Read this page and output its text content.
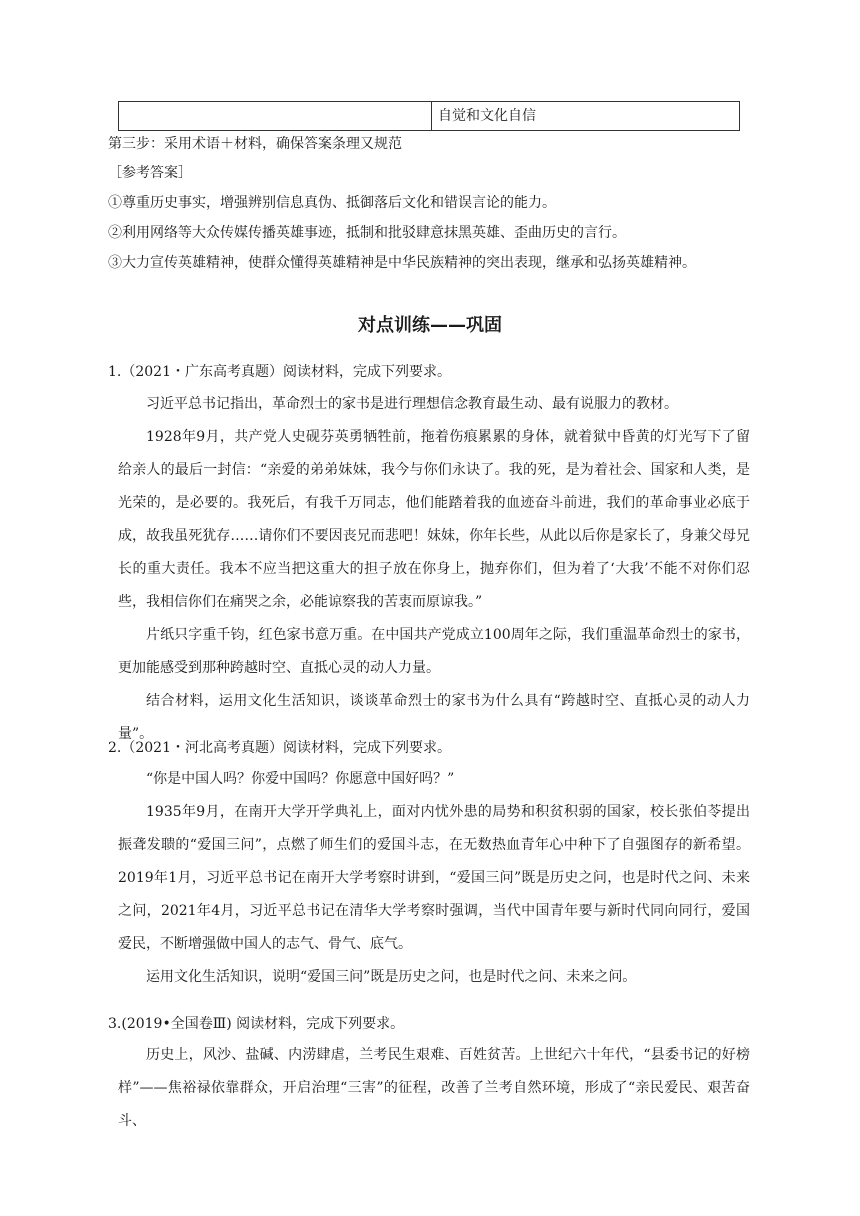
自觉和文化自信
第三步：采用术语＋材料，确保答案条理又规范
［参考答案］
①尊重历史事实，增强辨别信息真伪、抵御落后文化和错误言论的能力。
②利用网络等大众传媒传播英雄事迹，抵制和批驳肆意抹黑英雄、歪曲历史的言行。
③大力宣传英雄精神，使群众懂得英雄精神是中华民族精神的突出表现，继承和弘扬英雄精神。
对点训练——巩固
1.（2021・广东高考真题）阅读材料，完成下列要求。
习近平总书记指出，革命烈士的家书是进行理想信念教育最生动、最有说服力的教材。
1928年9月，共产党人史砚芬英勇牺牲前，拖着伤痕累累的身体，就着狱中昏黄的灯光写下了留给亲人的最后一封信：“亲爱的弟弟妹妹，我今与你们永诀了。我的死，是为着社会、国家和人类，是光荣的，是必要的。我死后，有我千万同志，他们能踏着我的血迹奋斗前进，我们的革命事业必底于成，故我虽死犹存……请你们不要因丧兄而悲吧！妹妹，你年长些，从此以后你是家长了，身兼父母兄长的重大责任。我本不应当把这重大的担子放在你身上，抛弃你们，但为着了‘大我’不能不对你们忍些，我相信你们在痛哭之余，必能谅察我的苦衷而原谅我。”
片纸只字重千钧，红色家书意万重。在中国共产党成立100周年之际，我们重温革命烈士的家书，更加能感受到那种跨越时空、直抵心灵的动人力量。
结合材料，运用文化生活知识，谈谈革命烈士的家书为什么具有“跨越时空、直抵心灵的动人力量”。
2.（2021・河北高考真题）阅读材料，完成下列要求。
“你是中国人吗？你爱中国吗？你愿意中国好吗？”
1935年9月，在南开大学开学典礼上，面对内忧外患的局势和积贫积弱的国家，校长张伯苓提出振聋发聩的“爱国三问”，点燃了师生们的爱国斗志，在无数热血青年心中种下了自强图存的新希望。2019年1月，习近平总书记在南开大学考察时讲到，“爱国三问”既是历史之问，也是时代之问、未来之问，2021年4月，习近平总书记在清华大学考察时强调，当代中国青年要与新时代同向同行，爱国爱民，不断增强做中国人的志气、骨气、底气。
运用文化生活知识，说明“爱国三问”既是历史之问，也是时代之问、未来之问。
3.(2019•全国卷Ⅲ) 阅读材料，完成下列要求。
历史上，风沙、盐碱、内涝肆虐，兰考民生艰难、百姓贫苦。上世纪六十年代，“县委书记的好榜样”——焦裕禄依靠群众，开启治理“三害”的征程，改善了兰考自然环境，形成了“亲民爱民、艰苦奋斗、
